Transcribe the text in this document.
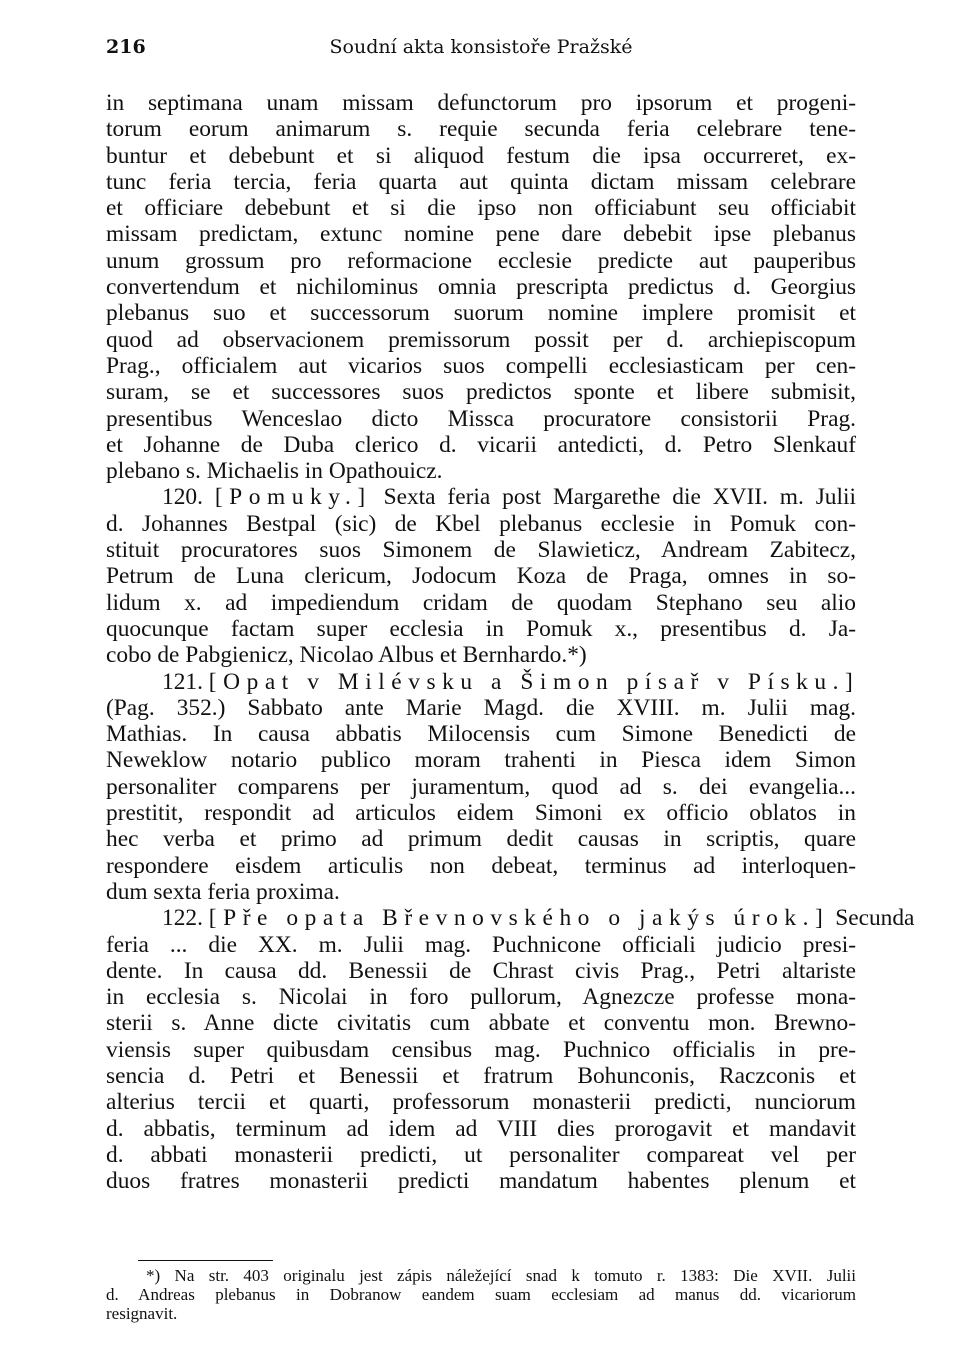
216	Soudní akta konsistoře Pražské
in septimana unam missam defunctorum pro ipsorum et progeni-
torum eorum animarum s. requie secunda feria celebrare tene-
buntur et debebunt et si aliquod festum die ipsa occurreret, ex-
tunc feria tercia, feria quarta aut quinta dictam missam celebrare
et officiare debebunt et si die ipso non officiabunt seu officiabit
missam predictam, extunc nomine pene dare debebit ipse plebanus
unum grossum pro reformacione ecclesie predicte aut pauperibus
convertendum et nichilominus omnia prescripta predictus d. Georgius
plebanus suo et successorum suorum nomine implere promisit et
quod ad observacionem premissorum possit per d. archiepiscopum
Prag., officialem aut vicarios suos compelli ecclesiasticam per cen-
suram, se et successores suos predictos sponte et libere submisit,
presentibus Wenceslao dicto Missca procuratore consistorii Prag.
et Johanne de Duba clerico d. vicarii antedicti, d. Petro Slenkauf
plebano s. Michaelis in Opathouicz.
120. [Pomuky.] Sexta feria post Margarethe die XVII. m. Julii
d. Johannes Bestpal (sic) de Kbel plebanus ecclesie in Pomuk con-
stituit procuratores suos Simonem de Slawieticz, Andream Zabitecz,
Petrum de Luna clericum, Jodocum Koza de Praga, omnes in so-
lidum x. ad impediendum cridam de quodam Stephano seu alio
quocunque factam super ecclesia in Pomuk x., presentibus d. Ja-
cobo de Pabgienicz, Nicolao Albus et Bernhardo.*)
121. [Opat v Milévsku a Šimon písař v Písku.]
(Pag. 352.) Sabbato ante Marie Magd. die XVIII. m. Julii mag.
Mathias. In causa abbatis Milocensis cum Simone Benedicti de
Neweklow notario publico moram trahenti in Piesca idem Simon
personaliter comparens per juramentum, quod ad s. dei evangelia...
prestitit, respondit ad articulos eidem Simoni ex officio oblatos in
hec verba et primo ad primum dedit causas in scriptis, quare
respondere eisdem articulis non debeat, terminus ad interloquen-
dum sexta feria proxima.
122. [Pře opata Břevnovského o jakýs úrok.] Secunda
feria ... die XX. m. Julii mag. Puchnicone officiali judicio presi-
dente. In causa dd. Benessii de Chrast civis Prag., Petri altariste
in ecclesia s. Nicolai in foro pullorum, Agnezcze professe mona-
sterii s. Anne dicte civitatis cum abbate et conventu mon. Brewno-
viensis super quibusdam censibus mag. Puchnico officialis in pre-
sencia d. Petri et Benessii et fratrum Bohunconis, Raczconis et
alterius tercii et quarti, professorum monasterii predicti, nunciorum
d. abbatis, terminum ad idem ad VIII dies prorogavit et mandavit
d. abbati monasterii predicti, ut personaliter compareat vel per
duos fratres monasterii predicti mandatum habentes plenum et
*) Na str. 403 originalu jest zápis náležející snad k tomuto r. 1383: Die XVII. Julii
d. Andreas plebanus in Dobranow eandem suam ecclesiam ad manus dd. vicariorum
resignavit.
